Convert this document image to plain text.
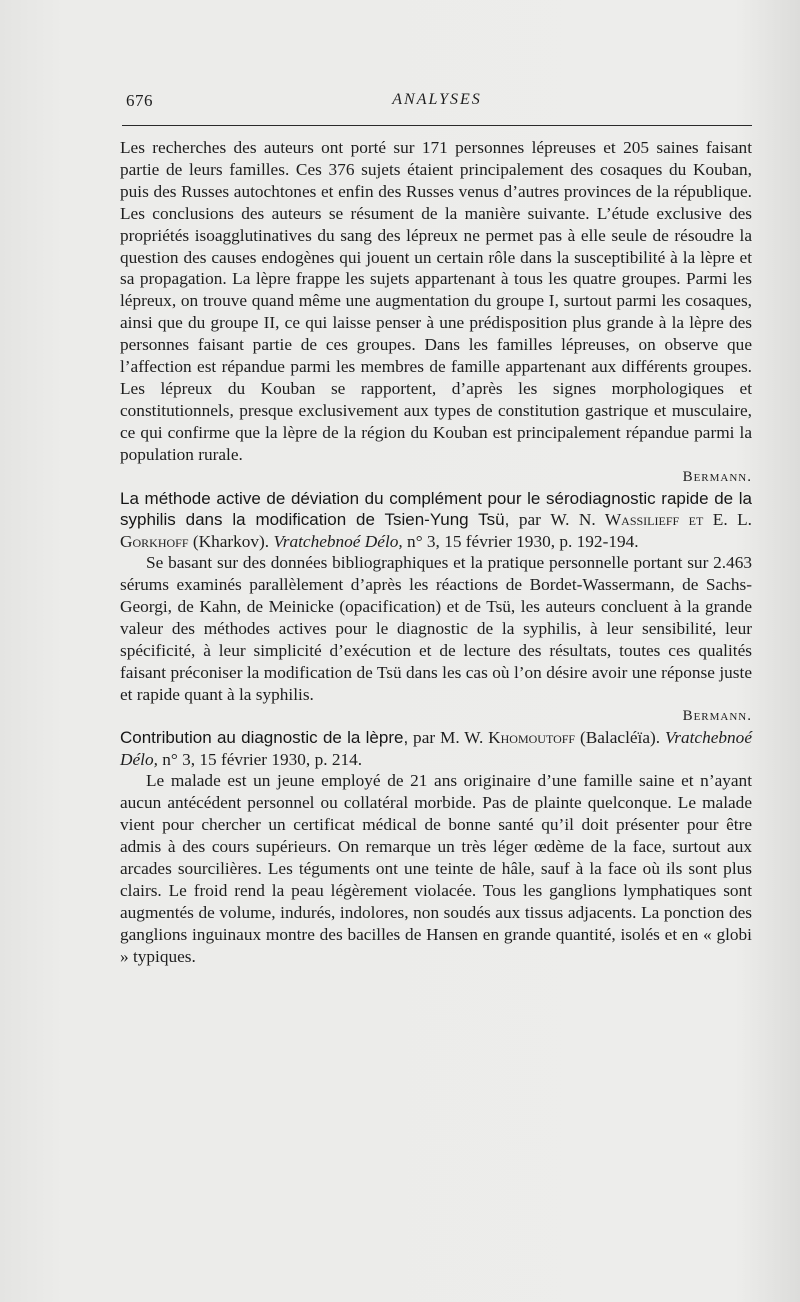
676	ANALYSES

Les recherches des auteurs ont porté sur 171 personnes lépreuses et 205 saines faisant partie de leurs familles. Ces 376 sujets étaient principalement des cosaques du Kouban, puis des Russes autochtones et enfin des Russes venus d’autres provinces de la république. Les conclusions des auteurs se résument de la manière suivante. L’étude exclusive des propriétés isoagglutinatives du sang des lépreux ne permet pas à elle seule de résoudre la question des causes endogènes qui jouent un certain rôle dans la susceptibilité à la lèpre et sa propagation. La lèpre frappe les sujets appartenant à tous les quatre groupes. Parmi les lépreux, on trouve quand même une augmentation du groupe I, surtout parmi les cosaques, ainsi que du groupe II, ce qui laisse penser à une prédisposition plus grande à la lèpre des personnes faisant partie de ces groupes. Dans les familles lépreuses, on observe que l’affection est répandue parmi les membres de famille appartenant aux différents groupes. Les lépreux du Kouban se rapportent, d’après les signes morphologiques et constitutionnels, presque exclusivement aux types de constitution gastrique et musculaire, ce qui confirme que la lèpre de la région du Kouban est principalement répandue parmi la population rurale.

Bermann.

La méthode active de déviation du complément pour le sérodiagnostic rapide de la syphilis dans la modification de Tsien-Yung Tsü, par W. N. Wassilieff et E. L. Gorkhoff (Kharkov). Vratchebnoé Délo, n° 3, 15 février 1930, p. 192-194.

Se basant sur des données bibliographiques et la pratique personnelle portant sur 2.463 sérums examinés parallèlement d’après les réactions de Bordet-Wassermann, de Sachs-Georgi, de Kahn, de Meinicke (opacification) et de Tsü, les auteurs concluent à la grande valeur des méthodes actives pour le diagnostic de la syphilis, à leur sensibilité, leur spécificité, à leur simplicité d’exécution et de lecture des résultats, toutes ces qualités faisant préconiser la modification de Tsü dans les cas où l’on désire avoir une réponse juste et rapide quant à la syphilis.

Bermann.

Contribution au diagnostic de la lèpre, par M. W. Khomoutoff (Balacléïa). Vratchebnoé Délo, n° 3, 15 février 1930, p. 214.

Le malade est un jeune employé de 21 ans originaire d’une famille saine et n’ayant aucun antécédent personnel ou collatéral morbide. Pas de plainte quelconque. Le malade vient pour chercher un certificat médical de bonne santé qu’il doit présenter pour être admis à des cours supérieurs. On remarque un très léger œdème de la face, surtout aux arcades sourcilières. Les téguments ont une teinte de hâle, sauf à la face où ils sont plus clairs. Le froid rend la peau légèrement violacée. Tous les ganglions lymphatiques sont augmentés de volume, indurés, indolores, non soudés aux tissus adjacents. La ponction des ganglions inguinaux montre des bacilles de Hansen en grande quantité, isolés et en « globi » typiques.
